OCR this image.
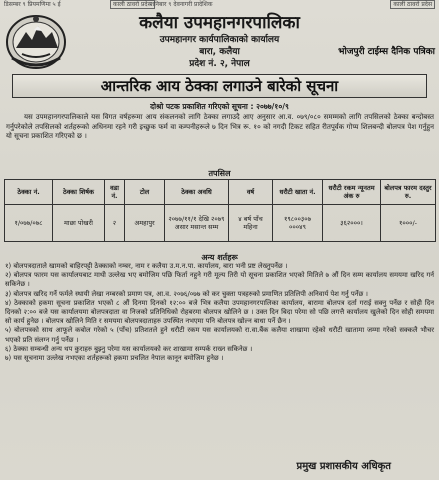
डिसम्बर ९ प्रियमणिमा ५ ई	काली ठावरो प्रदेस
शनिबार ९ देवनागरी प्रादेशिक	काली ठावरो प्रदेस
कलैया उपमहानगरपालिका
उपमहानगर कार्यपालिकाको कार्यालय
बारा, कलैया
प्रदेश नं. २, नेपाल
भोजपुरी टाईम्स दैनिक पत्रिका
आन्तरिक आय ठेक्का लगाउने बारेको सूचना
दोश्रो पटक प्रकाशित गरिएको सूचना : २०७७/१०/९
यस उपमहानगरपालिकाले यस विगत वर्षहरूमा आय संकलनको लागि ठेक्का लगाउदै आए अनुसार आ.व. ०७९/०८० समम्मको लागि तपसिलको ठेक्का बन्दोबस्त गर्नुपरेकोले तपसिलको शर्तहरूको अधिनमा रहने गरी इच्छुक फर्म वा कम्पनीहरूले ७ दिन भित्र रू. १० को नगदी टिकट सहित रीतपूर्वक गोप्य शिलबन्दी बोलपत्र पेश गर्नुहुन यो सूचना प्रकाशित गरिएको छ ।
तपसिल
ठेक्का नं.	ठेक्का शिर्षक	वडा नं.	टोल	ठेक्का अवधि	वर्ष	धरौटी खाता नं.	धरौटी रकम न्यूनतम अंक रु	बोलपत्र फारम दस्तुर रु.
१/०७७/०७८	माछा पोखरी	२	अमहापुर	२०७७/११/१ देखि २०७९ असार मसान्त सम्म	४ बर्ष पाँच महिना	१९८००३०७ ०००४९	३६२०००।	१०००/-
अन्य शर्तहरू

१) बोलपत्रदाताले खामको बाहिरपट्टी ठेक्काको नम्बर, नाम र कलैया उ.म.न.पा. कार्यालय, बारा भनी प्रष्ट लेख्नुपर्नेछ ।

२) बोलपत्र फारम यस कार्यालयबाट माथी उल्लेख भए बमोजिम पछि फिर्ता नहुने गरी मूल्य तिरी यो सूचना प्रकाशित भएको मितिले ७ औं दिन सम्म कार्यालय समयमा खरिद गर्न सकिनेछ ।

३) बोलपत्र खरिद गर्ने फर्मले स्थायी लेखा नम्बरको प्रमाण पत्र, आ.व. २०७६/०७७ को कर चुक्ता पत्रहरुको प्रमाणित प्रतिलिपी अनिवार्य पेश गर्नु पर्नेछ ।

४) ठेक्काको हकमा सूचना प्रकाशित भएको ८ औं दिनमा दिनको १२:०० बजे भित्र कलैया उपमहानगरपालिका कार्यालय, बारामा बोलपत्र दर्ता गराई सक्नु पर्नेछ र सोही दिन दिनको २:०० बजे यस कार्यालयमा बोलपत्रदाता वा निजको प्रतिनिधिको रोहबरमा बोलपत्र खोलिने छ । उक्त दिन बिदा परेमा सो पछि लगत्तै कार्यालय खुलेको दिन सोही समयमा सो कार्य हुनेछ । बोलपत्र खोलिने मिति र समयमा बोलपत्रदाताहरु उपस्थित नभएमा पनि बोलपत्र खोल्न बाधा पर्ने छैन ।

५) बोलपत्रको साथ आफूले कबोल गरेको ५ (पाँच) प्रतिशतले हुने धरौटी रकम यस कार्यालयको रा.वा.बैंक कलैया शाखामा रहेको धरौटी खातामा जम्मा गरेको सक्कलै भौचर भएको प्रति संलग्न गर्नु पर्नेछ ।

६) ठेक्का सम्बन्धी अन्य थप कुराहरु बुझ्नु परेमा यस कार्यालयको कर शाखामा सम्पर्क राख्न सकिनेछ ।

७) यस सूचनामा उल्लेख नभएका शर्तहरूको हकमा प्रचलित नेपाल कानून बमोजिम हुनेछ ।

प्रमुख प्रशासकीय अधिकृत
